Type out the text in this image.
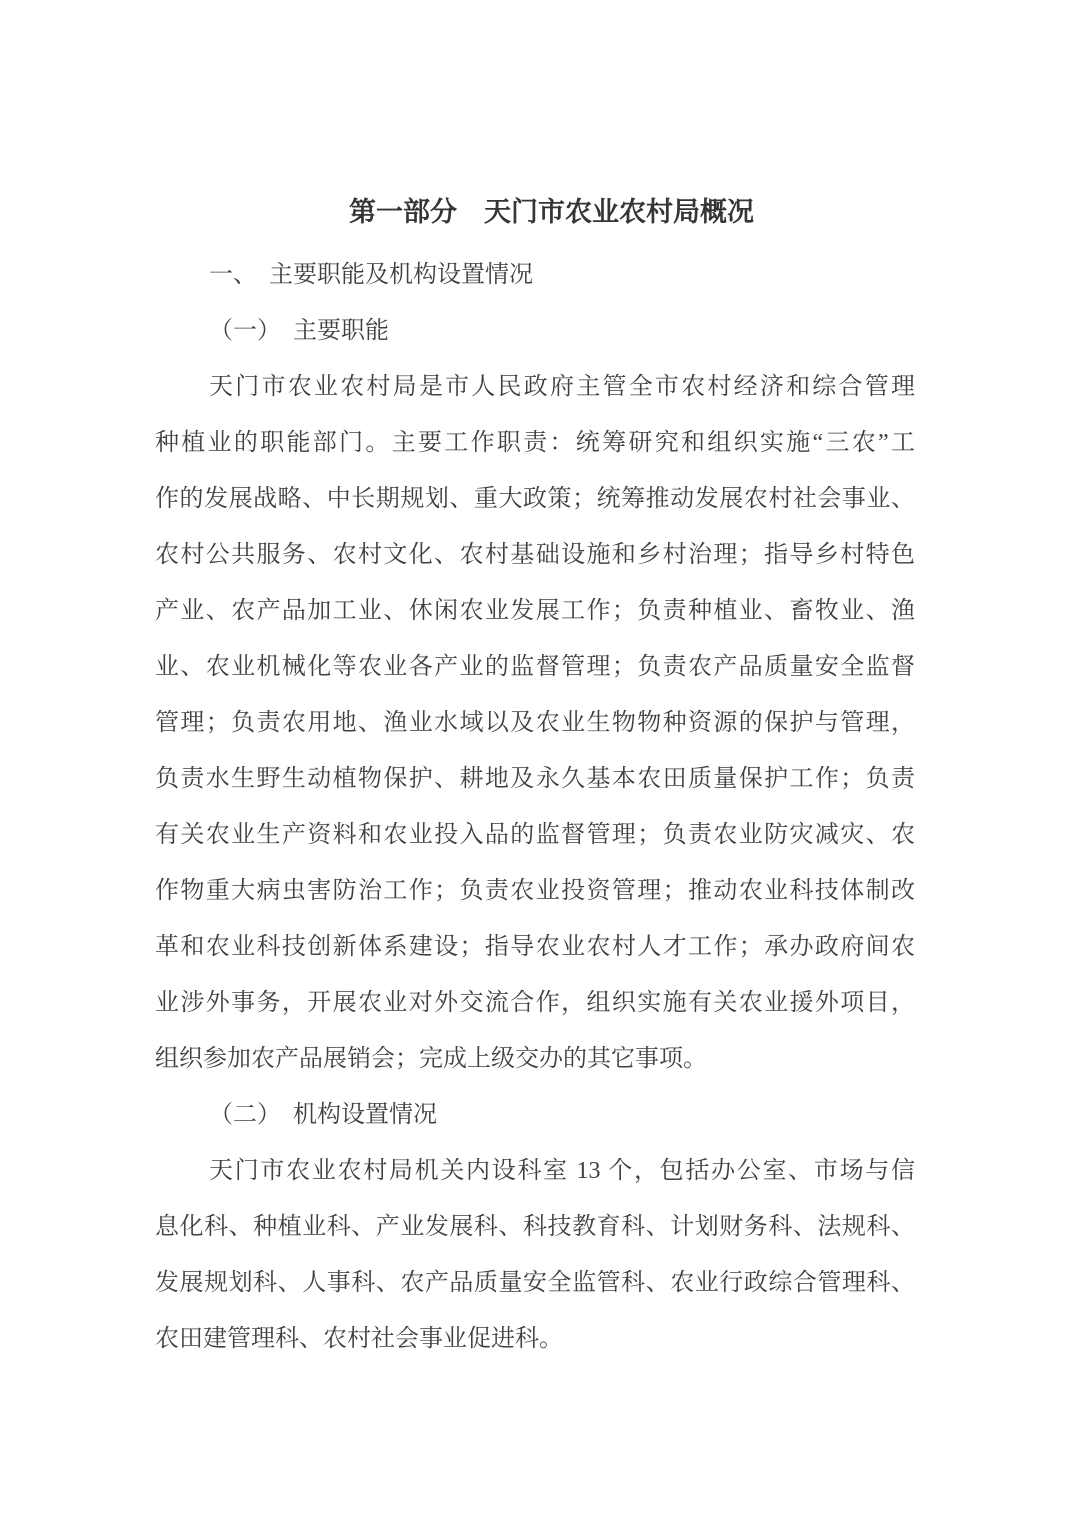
第一部分　天门市农业农村局概况
一、　主要职能及机构设置情况
（一）　主要职能
天门市农业农村局是市人民政府主管全市农村经济和综合管理
种植业的职能部门。主要工作职责：统筹研究和组织实施“三农”工
作的发展战略、中长期规划、重大政策；统筹推动发展农村社会事业、
农村公共服务、农村文化、农村基础设施和乡村治理；指导乡村特色
产业、农产品加工业、休闲农业发展工作；负责种植业、畜牧业、渔
业、农业机械化等农业各产业的监督管理；负责农产品质量安全监督
管理；负责农用地、渔业水域以及农业生物物种资源的保护与管理，
负责水生野生动植物保护、耕地及永久基本农田质量保护工作；负责
有关农业生产资料和农业投入品的监督管理；负责农业防灾减灾、农
作物重大病虫害防治工作；负责农业投资管理；推动农业科技体制改
革和农业科技创新体系建设；指导农业农村人才工作；承办政府间农
业涉外事务，开展农业对外交流合作，组织实施有关农业援外项目，
组织参加农产品展销会；完成上级交办的其它事项。
（二）　机构设置情况
天门市农业农村局机关内设科室 13 个，包括办公室、市场与信
息化科、种植业科、产业发展科、科技教育科、计划财务科、法规科、
发展规划科、人事科、农产品质量安全监管科、农业行政综合管理科、
农田建管理科、农村社会事业促进科。
